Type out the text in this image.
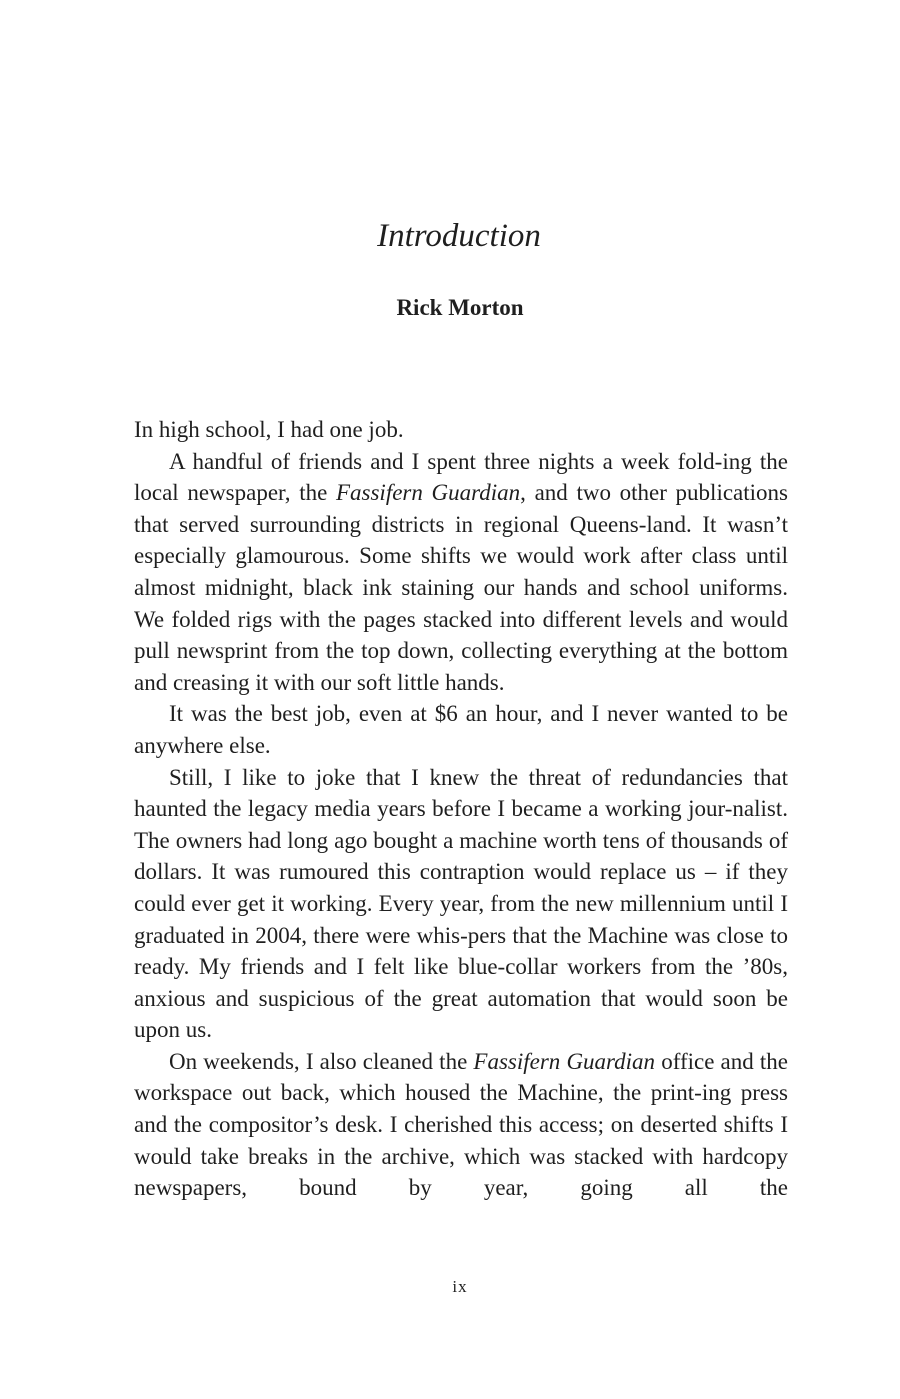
Introduction
Rick Morton

In high school, I had one job.

A handful of friends and I spent three nights a week fold-ing the local newspaper, the Fassifern Guardian, and two other publications that served surrounding districts in regional Queens-land. It wasn’t especially glamourous. Some shifts we would work after class until almost midnight, black ink staining our hands and school uniforms. We folded rigs with the pages stacked into different levels and would pull newsprint from the top down, collecting everything at the bottom and creasing it with our soft little hands.

It was the best job, even at $6 an hour, and I never wanted to be anywhere else.

Still, I like to joke that I knew the threat of redundancies that haunted the legacy media years before I became a working jour-nalist. The owners had long ago bought a machine worth tens of thousands of dollars. It was rumoured this contraption would replace us – if they could ever get it working. Every year, from the new millennium until I graduated in 2004, there were whis-pers that the Machine was close to ready. My friends and I felt like blue-collar workers from the ’80s, anxious and suspicious of the great automation that would soon be upon us.

On weekends, I also cleaned the Fassifern Guardian office and the workspace out back, which housed the Machine, the print-ing press and the compositor’s desk. I cherished this access; on deserted shifts I would take breaks in the archive, which was stacked with hardcopy newspapers, bound by year, going all the

ix
